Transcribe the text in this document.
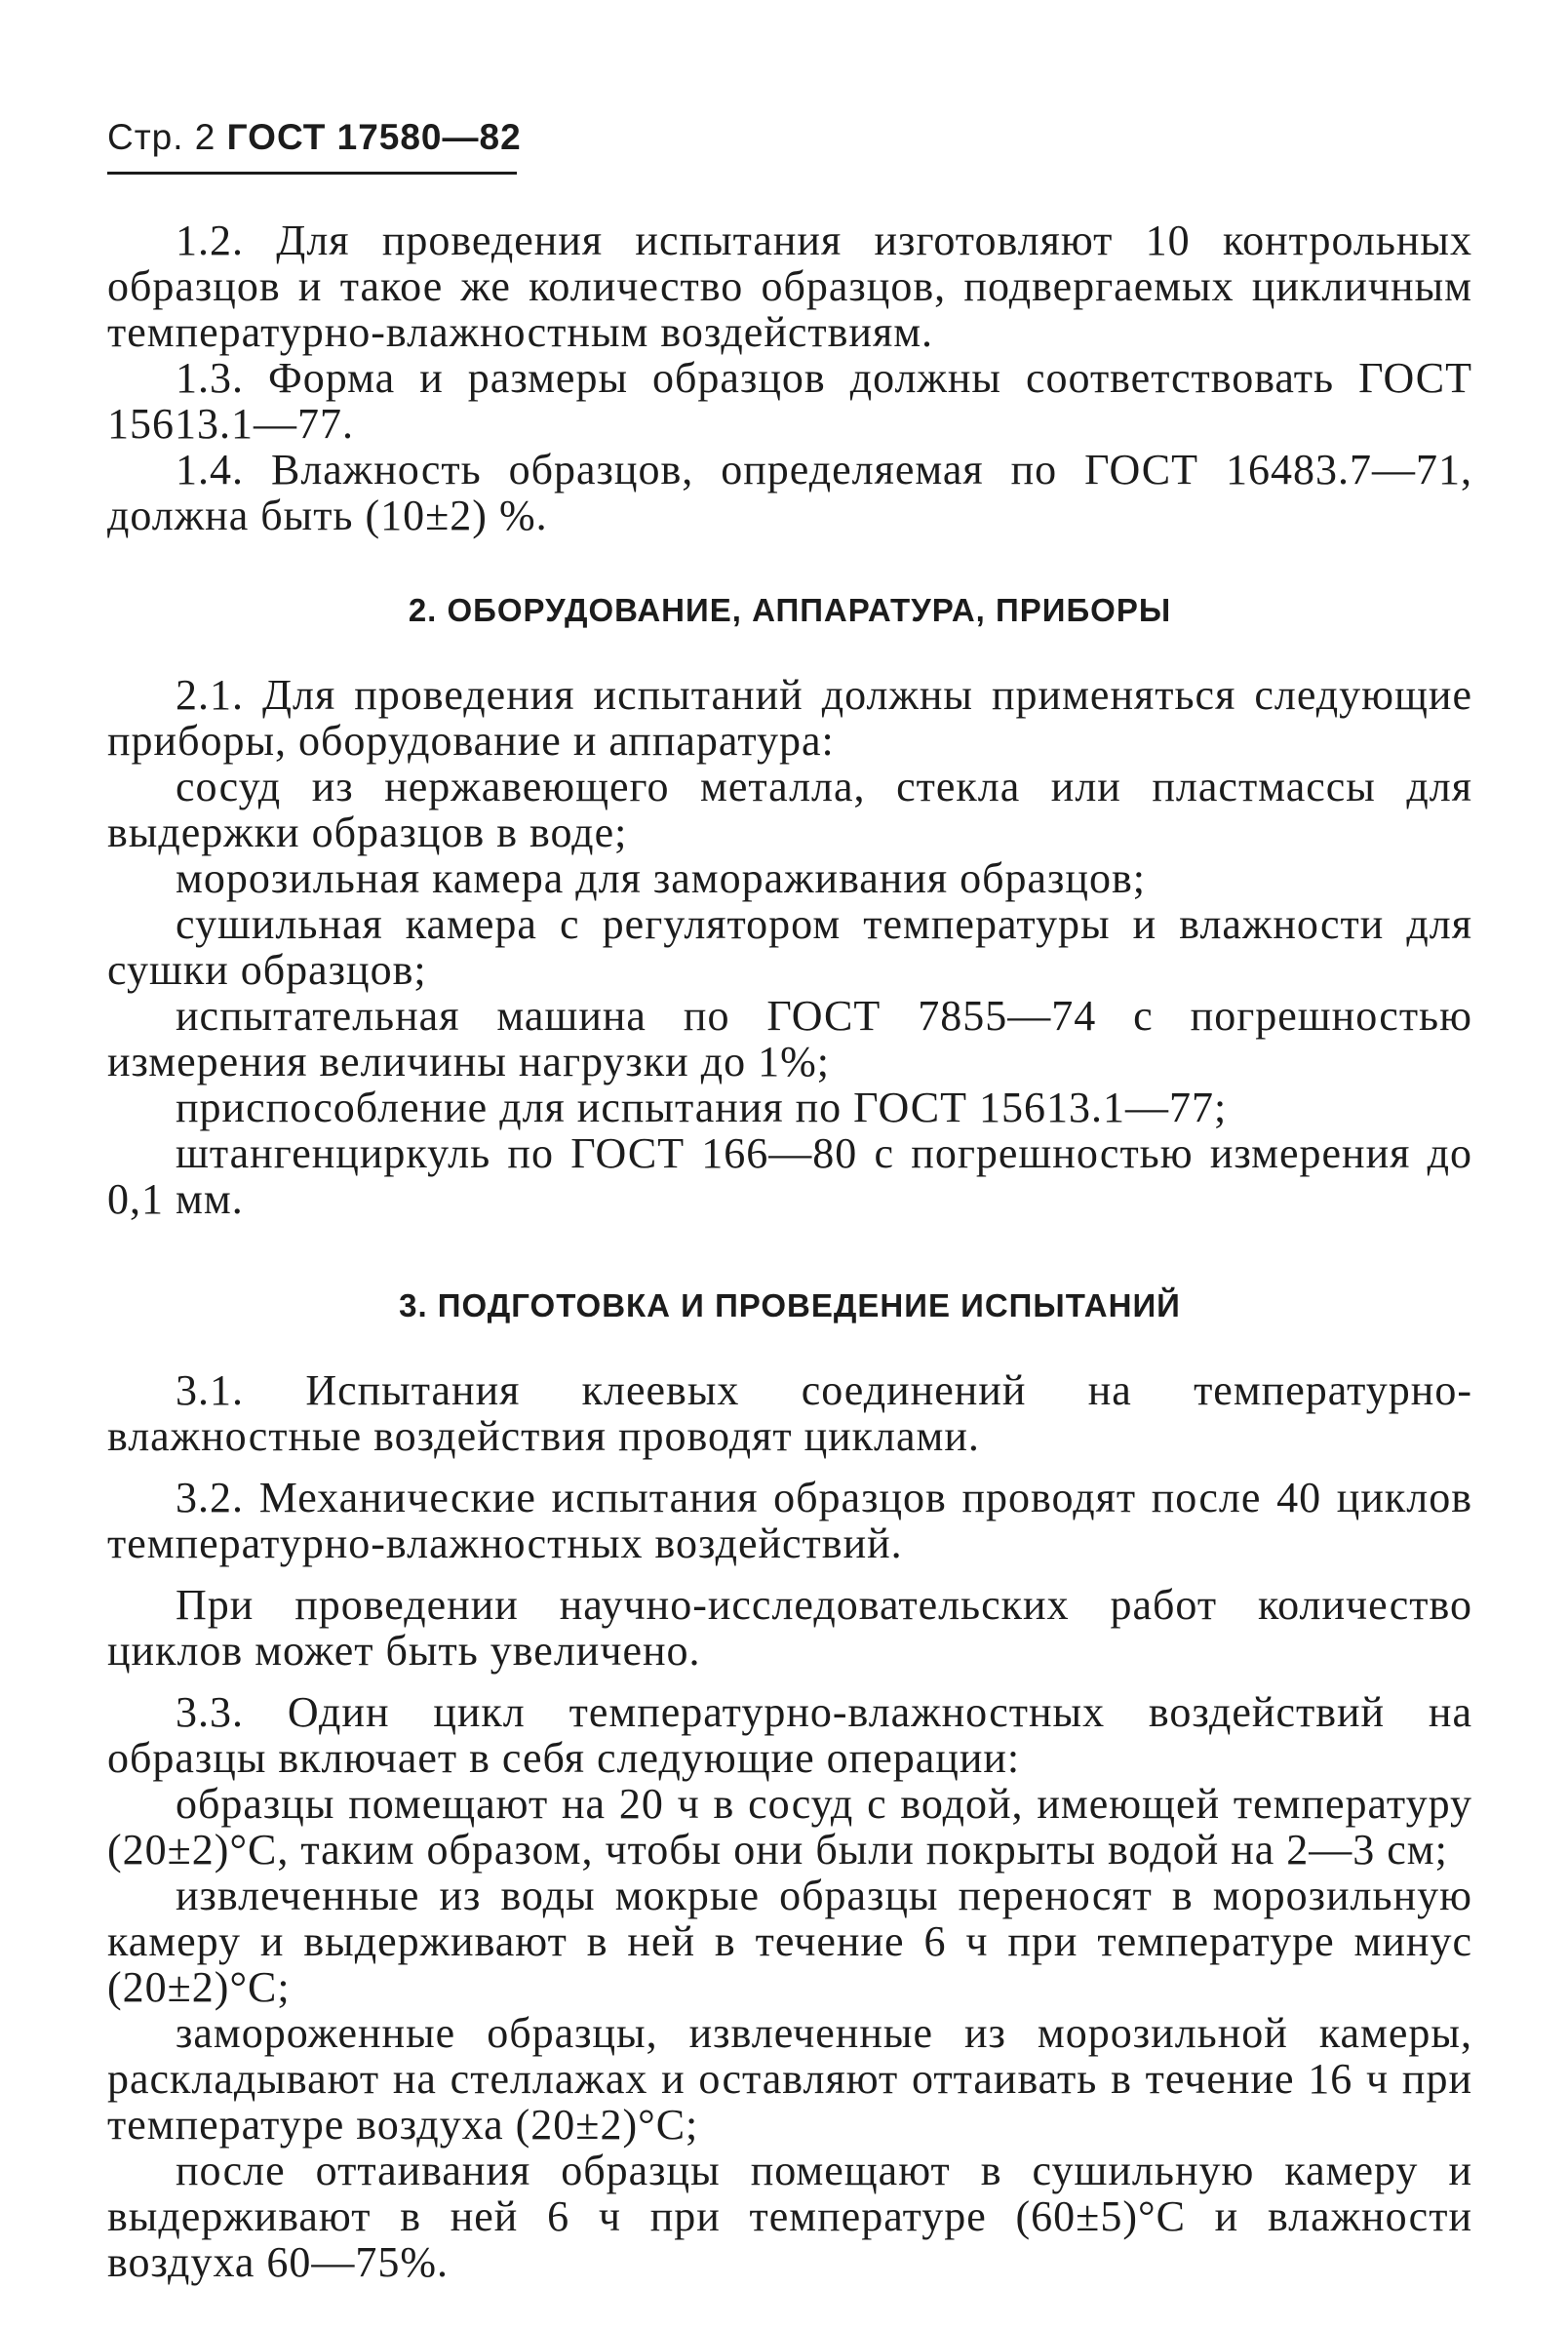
Стр. 2 ГОСТ 17580—82

1.2. Для проведения испытания изготовляют 10 контрольных образцов и такое же количество образцов, подвергаемых цикличным температурно-влажностным воздействиям.

1.3. Форма и размеры образцов должны соответствовать ГОСТ 15613.1—77.

1.4. Влажность образцов, определяемая по ГОСТ 16483.7—71, должна быть (10±2) %.

2. ОБОРУДОВАНИЕ, АППАРАТУРА, ПРИБОРЫ

2.1. Для проведения испытаний должны применяться следующие приборы, оборудование и аппаратура:

сосуд из нержавеющего металла, стекла или пластмассы для выдержки образцов в воде;

морозильная камера для замораживания образцов;

сушильная камера с регулятором температуры и влажности для сушки образцов;

испытательная машина по ГОСТ 7855—74 с погрешностью измерения величины нагрузки до 1%;

приспособление для испытания по ГОСТ 15613.1—77;

штангенциркуль по ГОСТ 166—80 с погрешностью измерения до 0,1 мм.

3. ПОДГОТОВКА И ПРОВЕДЕНИЕ ИСПЫТАНИЙ

3.1. Испытания клеевых соединений на температурно-влажностные воздействия проводят циклами.

3.2. Механические испытания образцов проводят после 40 циклов температурно-влажностных воздействий.

При проведении научно-исследовательских работ количество циклов может быть увеличено.

3.3. Один цикл температурно-влажностных воздействий на образцы включает в себя следующие операции:

образцы помещают на 20 ч в сосуд с водой, имеющей температуру (20±2)°С, таким образом, чтобы они были покрыты водой на 2—3 см;

извлеченные из воды мокрые образцы переносят в морозильную камеру и выдерживают в ней в течение 6 ч при температуре минус (20±2)°С;

замороженные образцы, извлеченные из морозильной камеры, раскладывают на стеллажах и оставляют оттаивать в течение 16 ч при температуре воздуха (20±2)°С;

после оттаивания образцы помещают в сушильную камеру и выдерживают в ней 6 ч при температуре (60±5)°С и влажности воздуха 60—75%.
